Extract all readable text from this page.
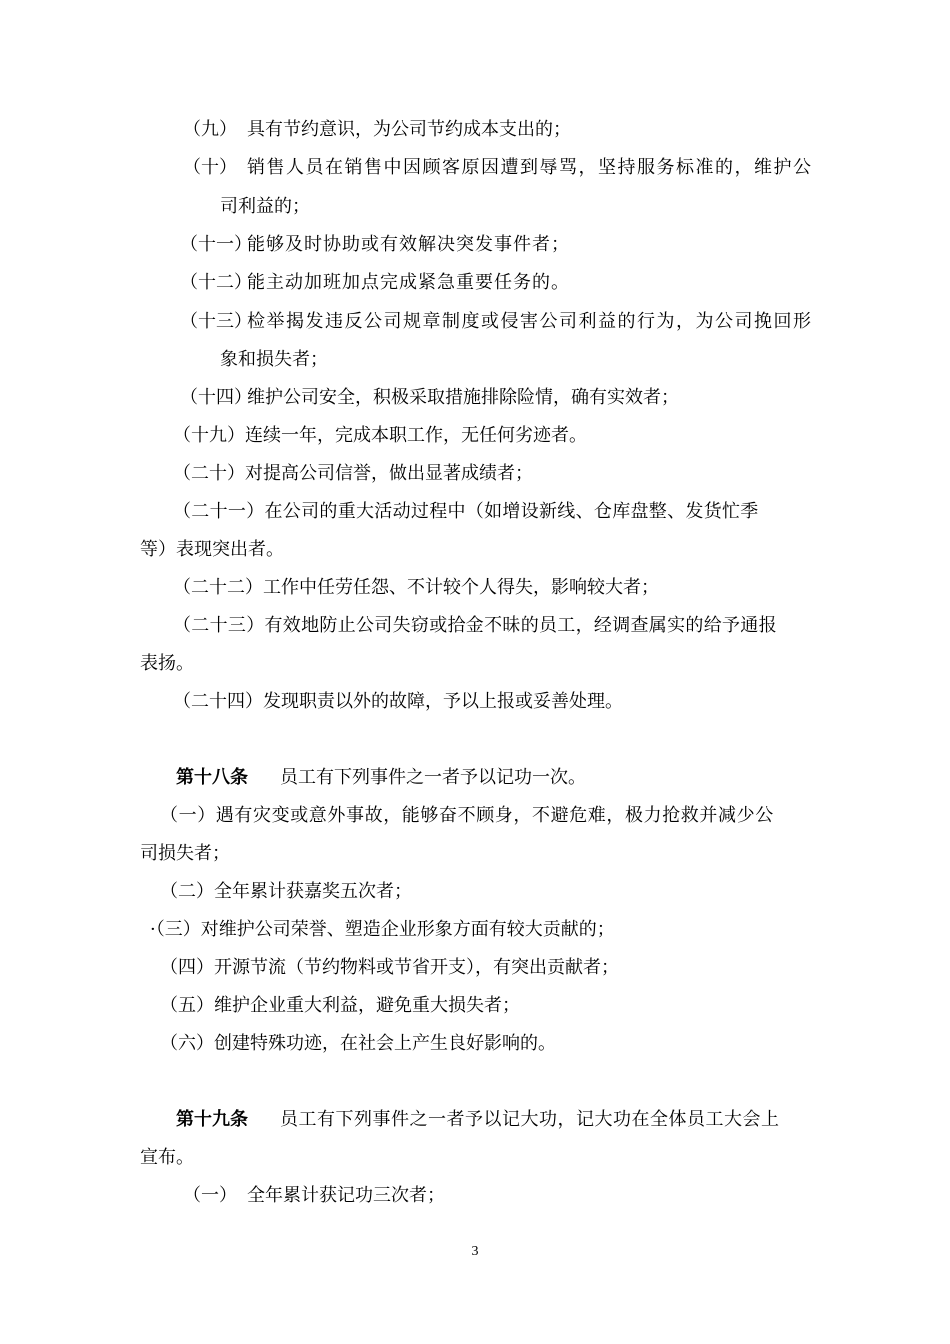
（九） 具有节约意识，为公司节约成本支出的；
（十） 销售人员在销售中因顾客原因遭到辱骂，坚持服务标准的，维护公
司利益的；
（十一）
能够及时协助或有效解决突发事件者；
（十二）
能主动加班加点完成紧急重要任务的。
（十三）
检举揭发违反公司规章制度或侵害公司利益的行为，为公司挽回形
象和损失者；
（十四）
维护公司安全，积极采取措施排除险情，确有实效者；
（十九）连续一年，完成本职工作，无任何劣迹者。
（二十）对提高公司信誉，做出显著成绩者；
（二十一）在公司的重大活动过程中（如增设新线、仓库盘整、发货忙季
等）表现突出者。
（二十二）工作中任劳任怨、不计较个人得失，影响较大者；
（二十三）有效地防止公司失窃或拾金不昧的员工，经调查属实的给予通报
表扬。
（二十四）发现职责以外的故障，予以上报或妥善处理。
第十八条 员工有下列事件之一者予以记功一次。
（一）遇有灾变或意外事故，能够奋不顾身，不避危难，极力抢救并减少公
司损失者；
（二）全年累计获嘉奖五次者；
·（三）对维护公司荣誉、塑造企业形象方面有较大贡献的；
（四）开源节流（节约物料或节省开支），有突出贡献者；
（五）维护企业重大利益，避免重大损失者；
（六）创建特殊功迹，在社会上产生良好影响的。
第十九条 员工有下列事件之一者予以记大功，记大功在全体员工大会上
宣布。
（一） 全年累计获记功三次者；
3
